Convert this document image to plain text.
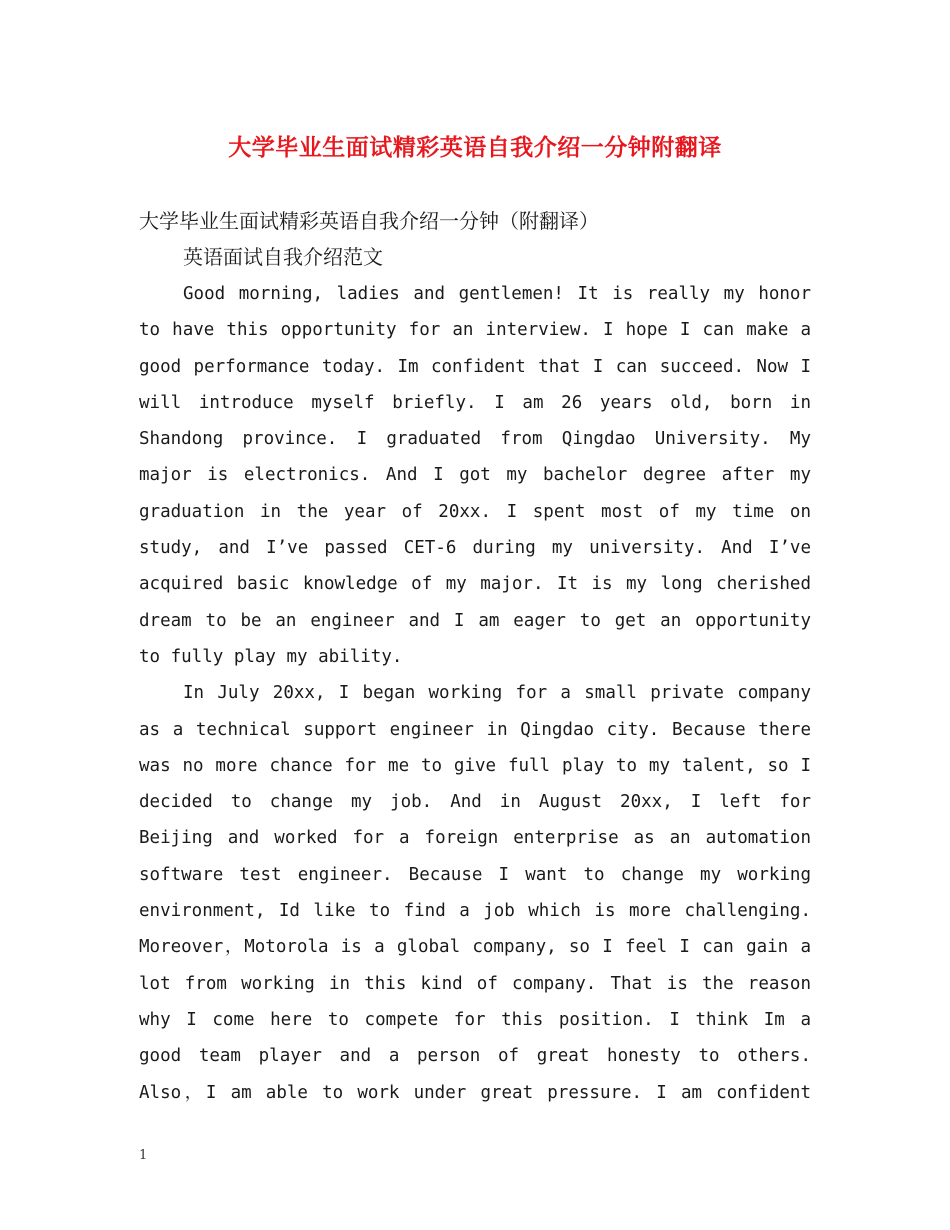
大学毕业生面试精彩英语自我介绍一分钟附翻译
大学毕业生面试精彩英语自我介绍一分钟（附翻译）
英语面试自我介绍范文
Good morning, ladies and gentlemen! It is really my honor
to have this opportunity for an interview. I hope I can make a
good performance today. Im confident that I can succeed. Now I
will introduce myself briefly. I am 26 years old, born in
Shandong province. I graduated from Qingdao University. My
major is electronics. And I got my bachelor degree after my
graduation in the year of 20xx. I spent most of my time on
study, and I’ve passed CET-6 during my university. And I’ve
acquired basic knowledge of my major. It is my long cherished
dream to be an engineer and I am eager to get an opportunity
to fully play my ability.
In July 20xx, I began working for a small private company
as a technical support engineer in Qingdao city. Because there
was no more chance for me to give full play to my talent, so I
decided to change my job. And in August 20xx, I left for
Beijing and worked for a foreign enterprise as an automation
software test engineer. Because I want to change my working
environment, Id like to find a job which is more challenging.
Moreover，Motorola is a global company, so I feel I can gain a
lot from working in this kind of company. That is the reason
why I come here to compete for this position. I think Im a
good team player and a person of great honesty to others.
Also，I am able to work under great pressure. I am confident
1
